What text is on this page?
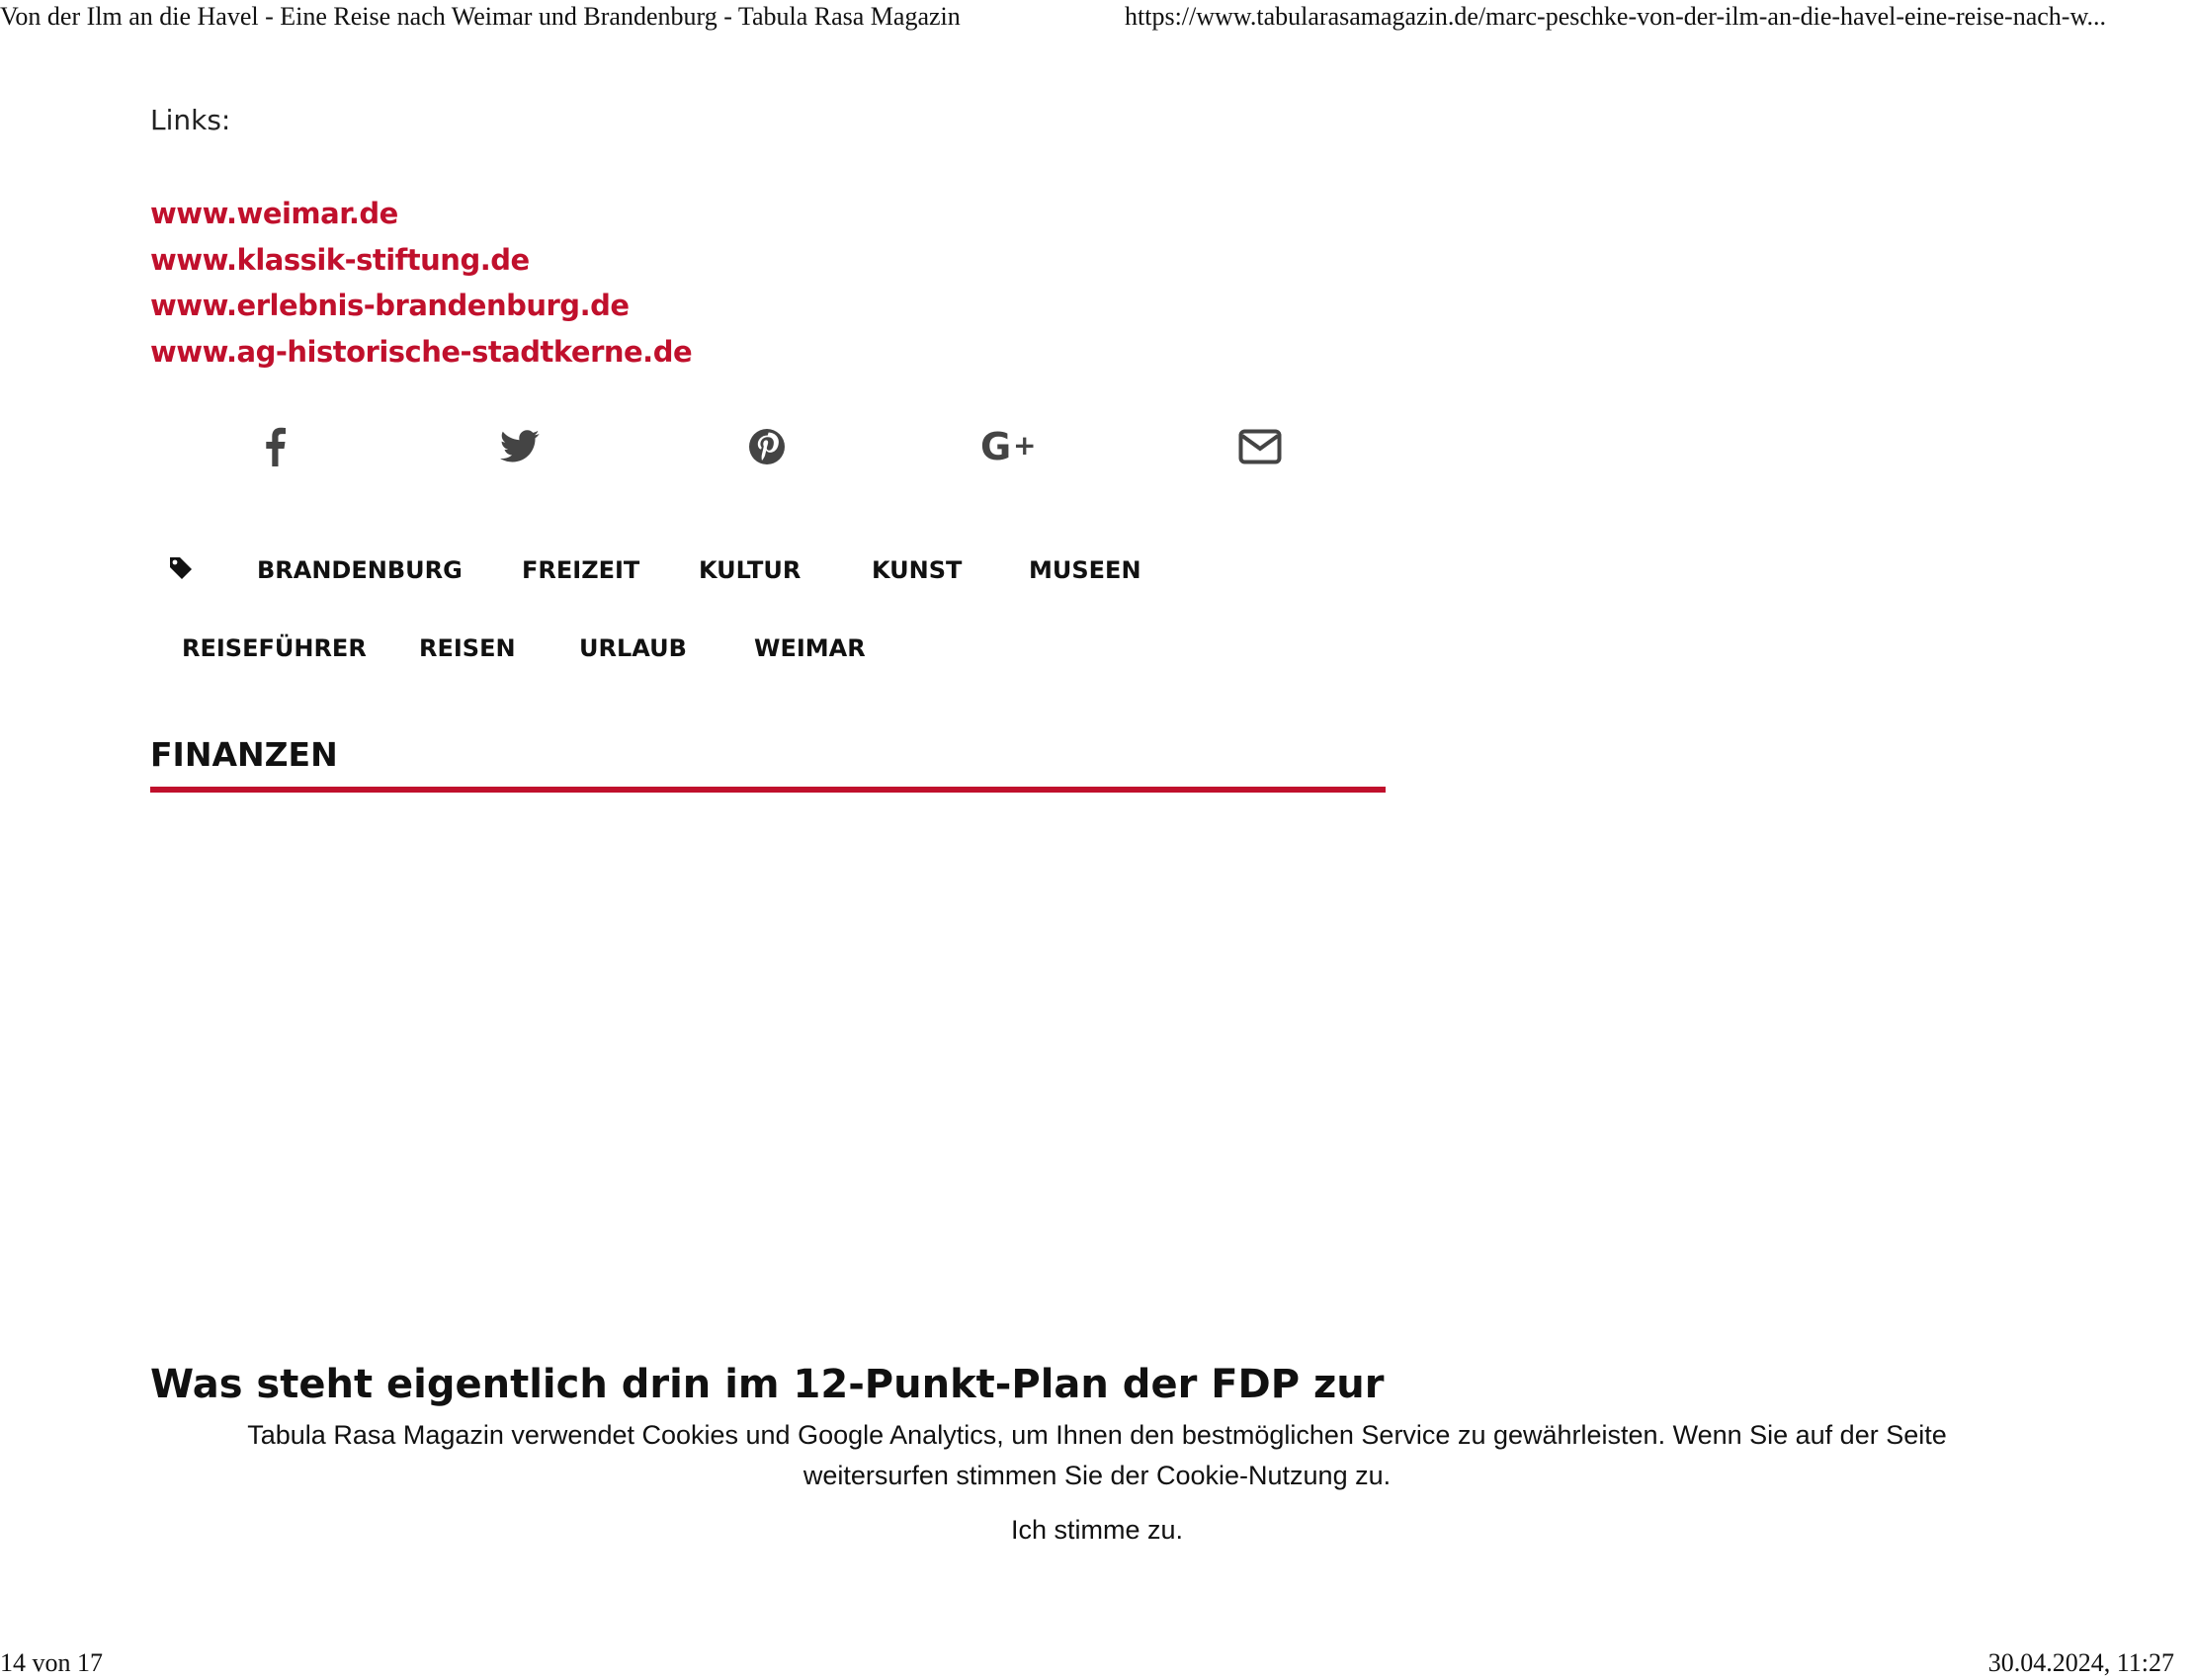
Von der Ilm an die Havel - Eine Reise nach Weimar und Brandenburg - Tabula Rasa Magazin	https://www.tabularasamagazin.de/marc-peschke-von-der-ilm-an-die-havel-eine-reise-nach-w...
Links:
www.weimar.de
www.klassik-stiftung.de
www.erlebnis-brandenburg.de
www.ag-historische-stadtkerne.de
G +
BRANDENBURG	FREIZEIT KULTUR	KUNST	MUSEEN
REISEFÜHRER REISEN	URLAUB	WEIMAR
FINANZEN
Was steht eigentlich drin im 12-Punkt-Plan der FDP zur
Tabula Rasa Magazin verwendet Cookies und Google Analytics, um Ihnen den bestmöglichen Service zu gewährleisten. Wenn Sie auf der Seite weitersurfen stimmen Sie der Cookie-Nutzung zu.
Ich stimme zu.
14 von 17	30.04.2024, 11:27
